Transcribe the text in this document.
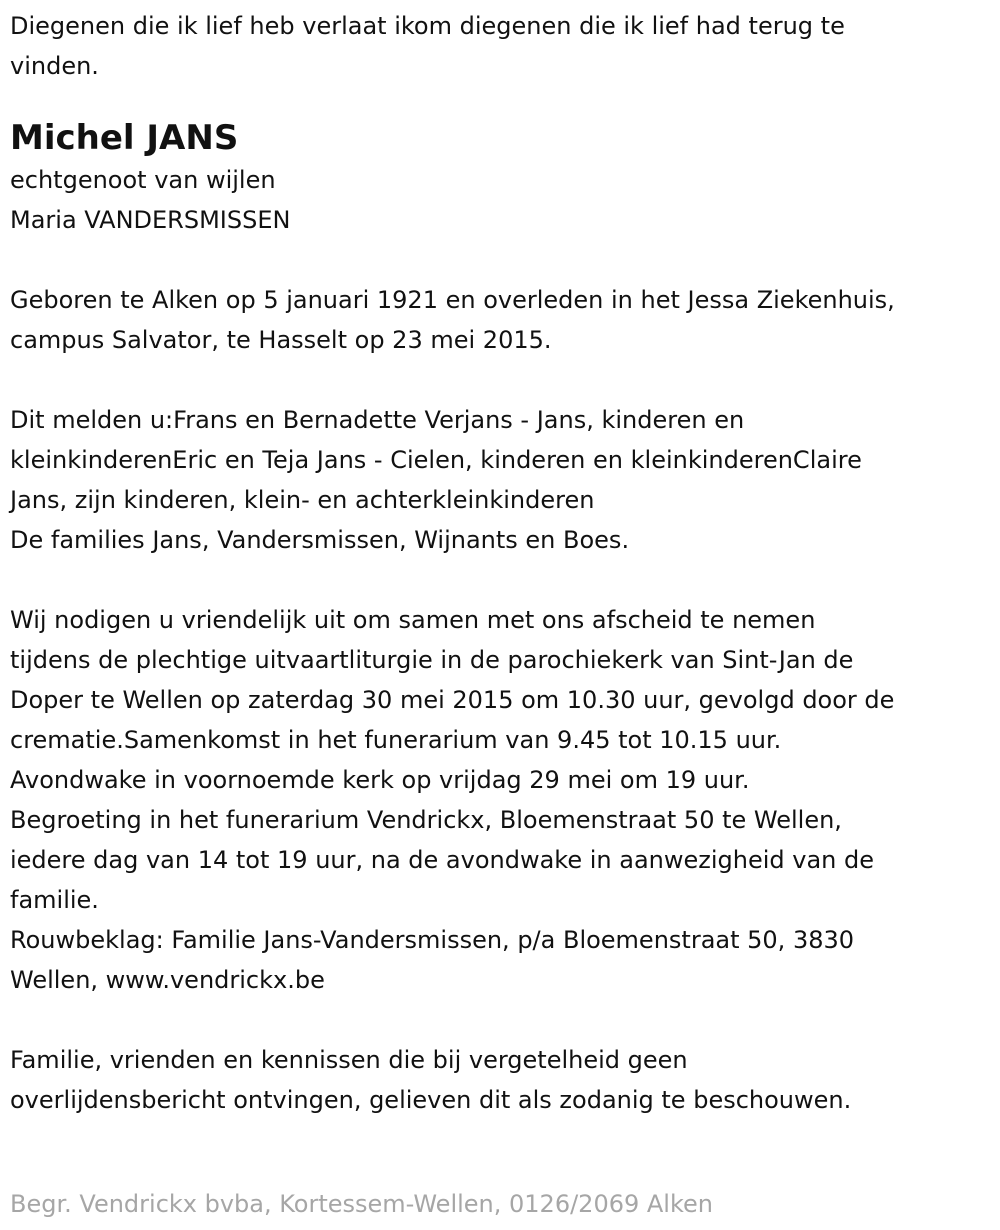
Diegenen die ik lief heb verlaat ikom diegenen die ik lief had terug te

vinden.

Michel JANS

echtgenoot van wijlen

Maria VANDERSMISSEN

Geboren te Alken op 5 januari 1921 en overleden in het Jessa Ziekenhuis,

campus Salvator, te Hasselt op 23 mei 2015.

Dit melden u:Frans en Bernadette Verjans - Jans, kinderen en

kleinkinderenEric en Teja Jans - Cielen, kinderen en kleinkinderenClaire

Jans, zijn kinderen, klein- en achterkleinkinderen

De families Jans, Vandersmissen, Wijnants en Boes.

Wij nodigen u vriendelijk uit om samen met ons afscheid te nemen

tijdens de plechtige uitvaartliturgie in de parochiekerk van Sint-Jan de

Doper te Wellen op zaterdag 30 mei 2015 om 10.30 uur, gevolgd door de

crematie.Samenkomst in het funerarium van 9.45 tot 10.15 uur.

Avondwake in voornoemde kerk op vrijdag 29 mei om 19 uur.

Begroeting in het funerarium Vendrickx, Bloemenstraat 50 te Wellen,

iedere dag van 14 tot 19 uur, na de avondwake in aanwezigheid van de

familie.

Rouwbeklag: Familie Jans-Vandersmissen, p/a Bloemenstraat 50, 3830

Wellen, www.vendrickx.be

Familie, vrienden en kennissen die bij vergetelheid geen

overlijdensbericht ontvingen, gelieven dit als zodanig te beschouwen.

Begr. Vendrickx bvba, Kortessem-Wellen, 0126/2069 Alken
